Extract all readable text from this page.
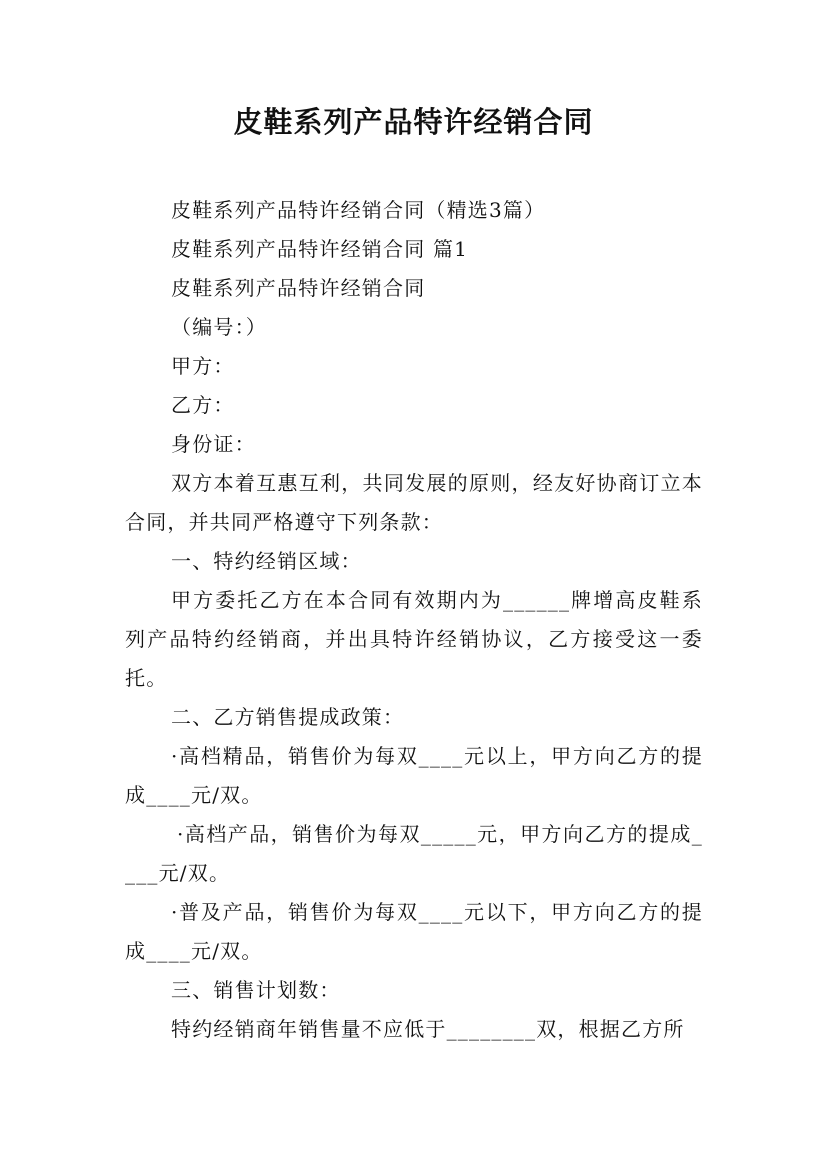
皮鞋系列产品特许经销合同

皮鞋系列产品特许经销合同（精选3篇）

皮鞋系列产品特许经销合同 篇1

皮鞋系列产品特许经销合同

（编号：）

甲方：

乙方：

身份证：

双方本着互惠互利，共同发展的原则，经友好协商订立本合同，并共同严格遵守下列条款：

一、特约经销区域：

甲方委托乙方在本合同有效期内为______牌增高皮鞋系列产品特约经销商，并出具特许经销协议，乙方接受这一委托。

二、乙方销售提成政策：

·高档精品，销售价为每双____元以上，甲方向乙方的提成____元/双。

·高档产品，销售价为每双_____元，甲方向乙方的提成____元/双。

·普及产品，销售价为每双____元以下，甲方向乙方的提成____元/双。

三、销售计划数：

特约经销商年销售量不应低于________双，根据乙方所
